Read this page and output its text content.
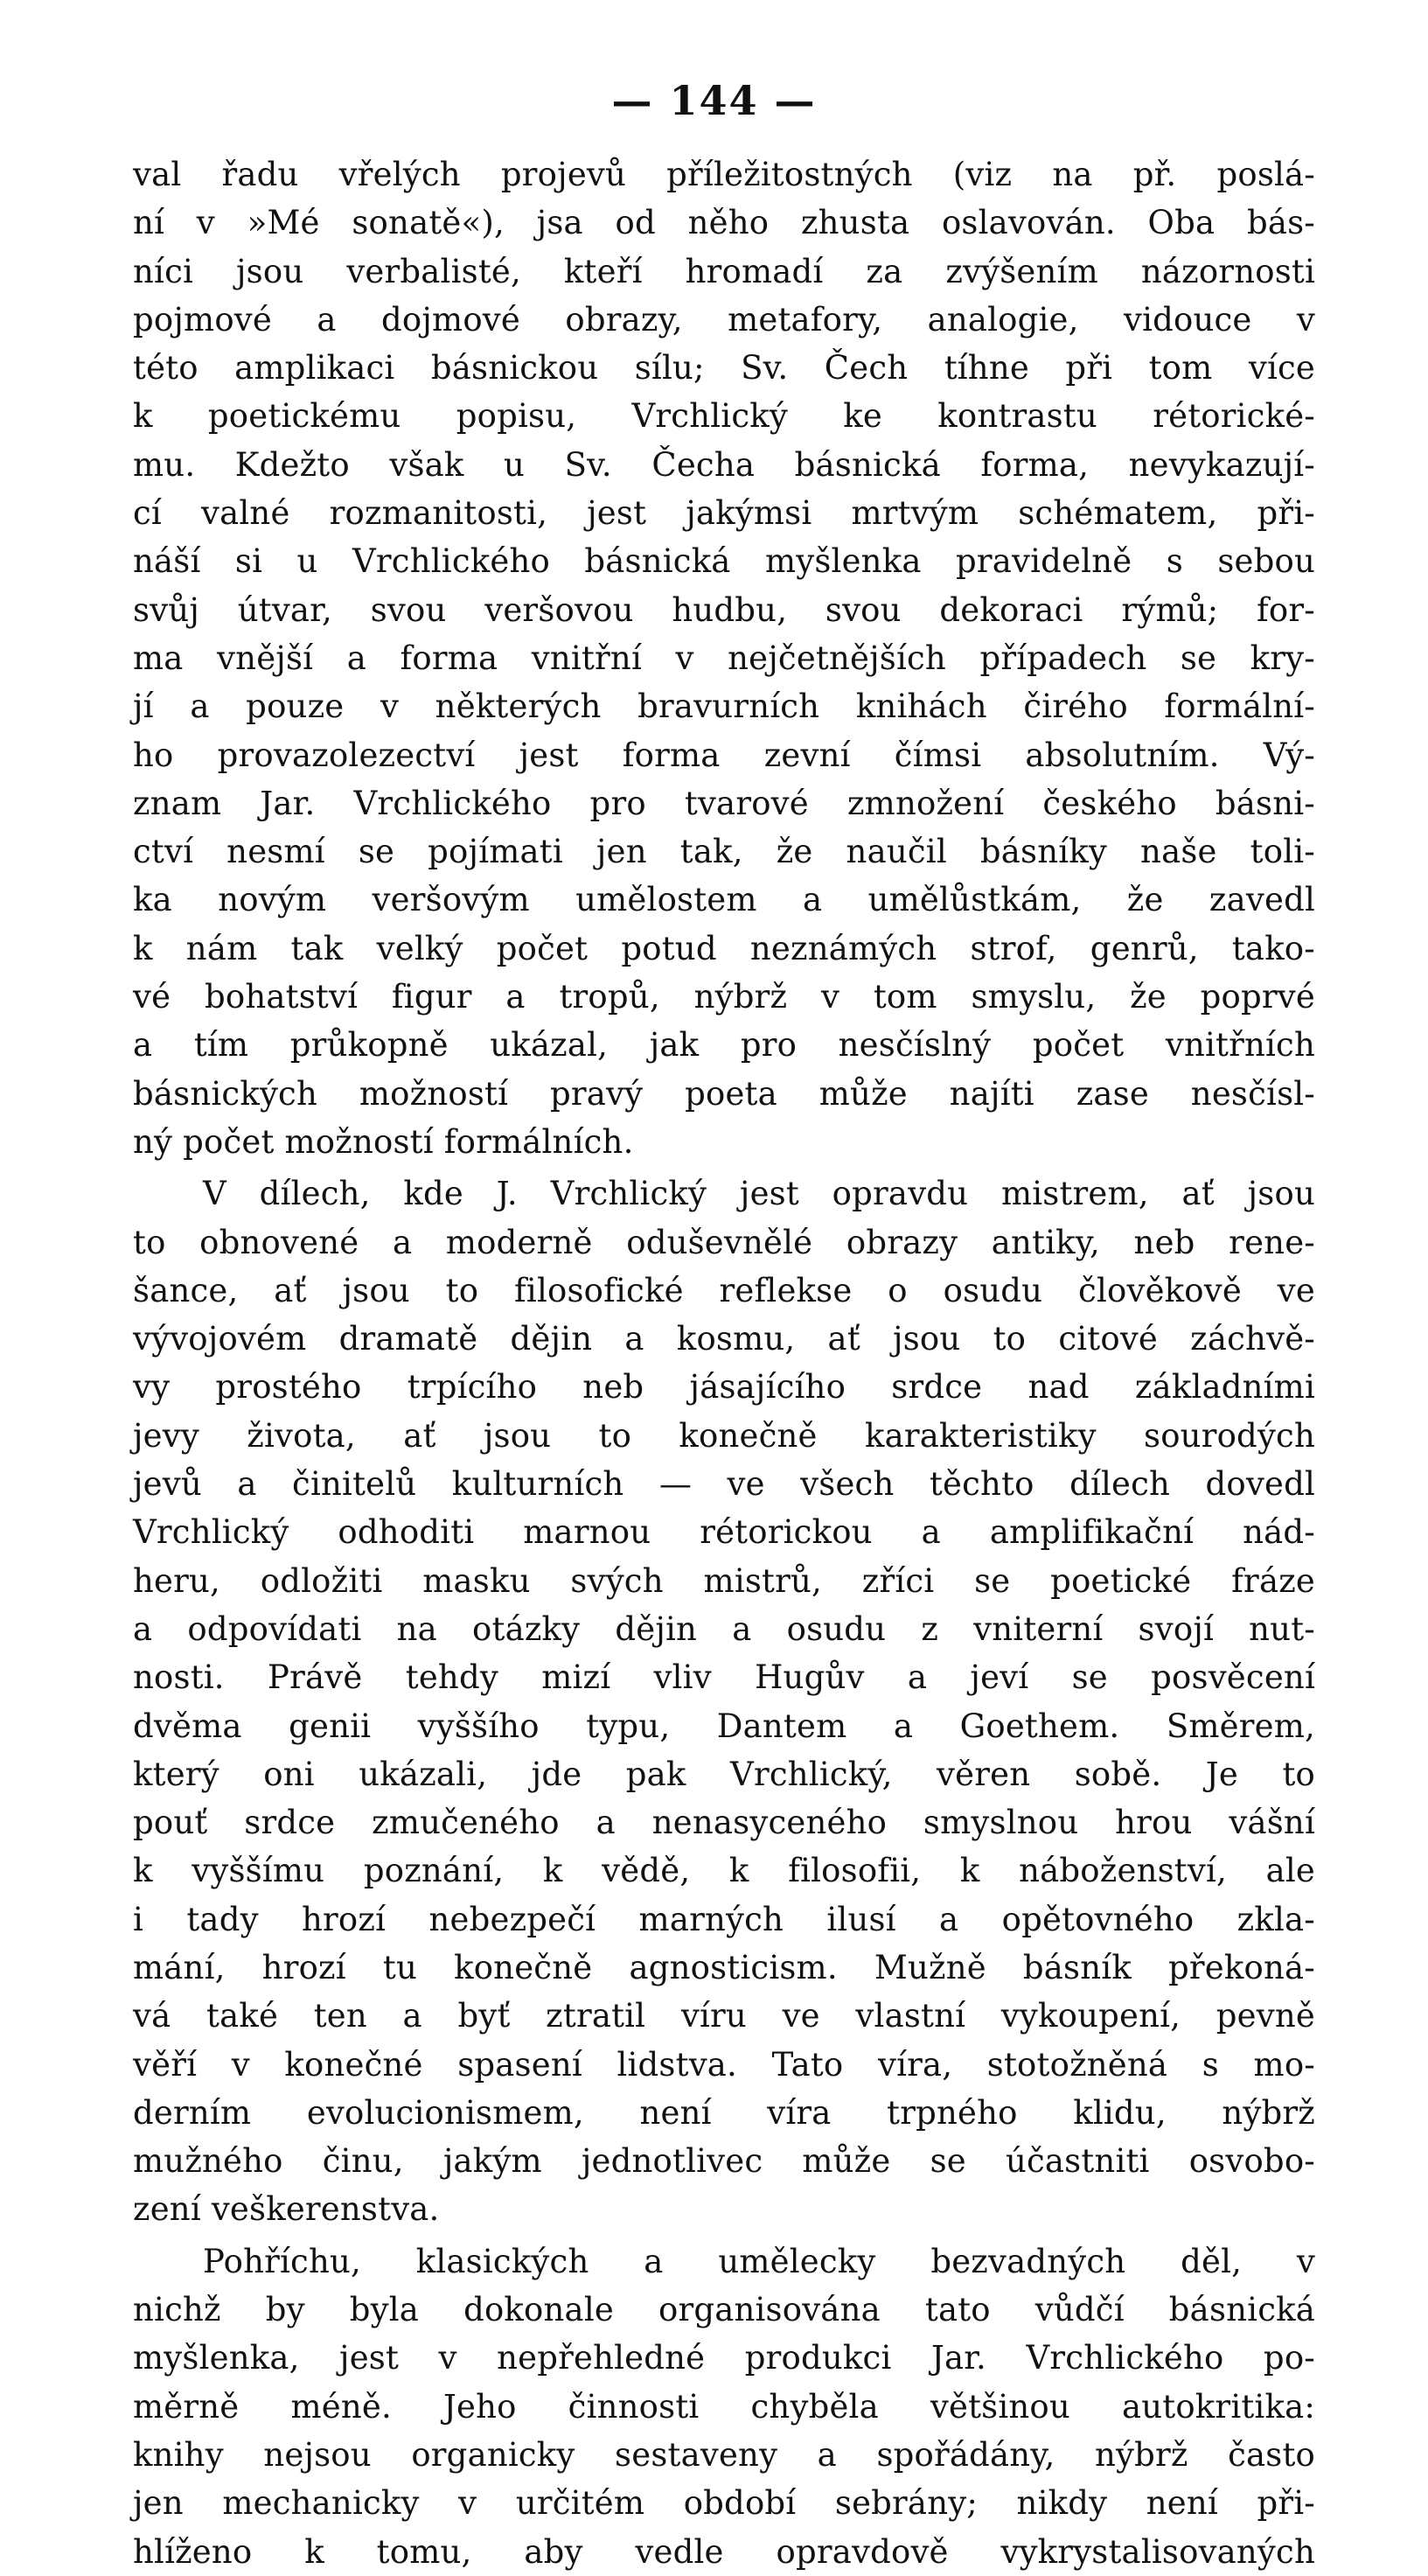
— 144 —
val řadu vřelých projevů příležitostných (viz na př. poslá-
ní v »Mé sonatě«), jsa od něho zhusta oslavován. Oba bás-
níci jsou verbalisté, kteří hromadí za zvýšením názornosti
pojmové a dojmové obrazy, metafory, analogie, vidouce v
této amplikaci básnickou sílu; Sv. Čech tíhne při tom více
k poetickému popisu, Vrchlický ke kontrastu rétorické-
mu. Kdežto však u Sv. Čecha básnická forma, nevykazují-
cí valné rozmanitosti, jest jakýmsi mrtvým schématem, při-
náší si u Vrchlického básnická myšlenka pravidelně s sebou
svůj útvar, svou veršovou hudbu, svou dekoraci rýmů; for-
ma vnější a forma vnitřní v nejčetnějších případech se kry-
jí a pouze v některých bravurních knihách čirého formální-
ho provazolezectví jest forma zevní čímsi absolutním. Vý-
znam Jar. Vrchlického pro tvarové zmnožení českého básni-
ctví nesmí se pojímati jen tak, že naučil básníky naše toli-
ka novým veršovým umělostem a umělůstkám, že zavedl
k nám tak velký počet potud neznámých strof, genrů, tako-
vé bohatství figur a tropů, nýbrž v tom smyslu, že poprvé
a tím průkopně ukázal, jak pro nesčíslný počet vnitřních
básnických možností pravý poeta může najíti zase nesčísl-
ný počet možností formálních.
V dílech, kde J. Vrchlický jest opravdu mistrem, ať jsou
to obnovené a moderně oduševnělé obrazy antiky, neb rene-
šance, ať jsou to filosofické reflekse o osudu člověkově ve
vývojovém dramatě dějin a kosmu, ať jsou to citové záchvě-
vy prostého trpícího neb jásajícího srdce nad základními
jevy života, ať jsou to konečně karakteristiky sourodých
jevů a činitelů kulturních — ve všech těchto dílech dovedl
Vrchlický odhoditi marnou rétorickou a amplifikační nád-
heru, odložiti masku svých mistrů, zříci se poetické fráze
a odpovídati na otázky dějin a osudu z vniterní svojí nut-
nosti. Právě tehdy mizí vliv Hugův a jeví se posvěcení
dvěma genii vyššího typu, Dantem a Goethem. Směrem,
který oni ukázali, jde pak Vrchlický, věren sobě. Je to
pouť srdce zmučeného a nenasyceného smyslnou hrou vášní
k vyššímu poznání, k vědě, k filosofii, k náboženství, ale
i tady hrozí nebezpečí marných ilusí a opětovného zkla-
mání, hrozí tu konečně agnosticism. Mužně básník překoná-
vá také ten a byť ztratil víru ve vlastní vykoupení, pevně
věří v konečné spasení lidstva. Tato víra, stotožněná s mo-
derním evolucionismem, není víra trpného klidu, nýbrž
mužného činu, jakým jednotlivec může se účastniti osvobo-
zení veškerenstva.
Pohříchu, klasických a umělecky bezvadných děl, v
nichž by byla dokonale organisována tato vůdčí básnická
myšlenka, jest v nepřehledné produkci Jar. Vrchlického po-
měrně méně. Jeho činnosti chyběla většinou autokritika:
knihy nejsou organicky sestaveny a spořádány, nýbrž často
jen mechanicky v určitém období sebrány; nikdy není při-
hlíženo k tomu, aby vedle opravdově vykrystalisovaných
